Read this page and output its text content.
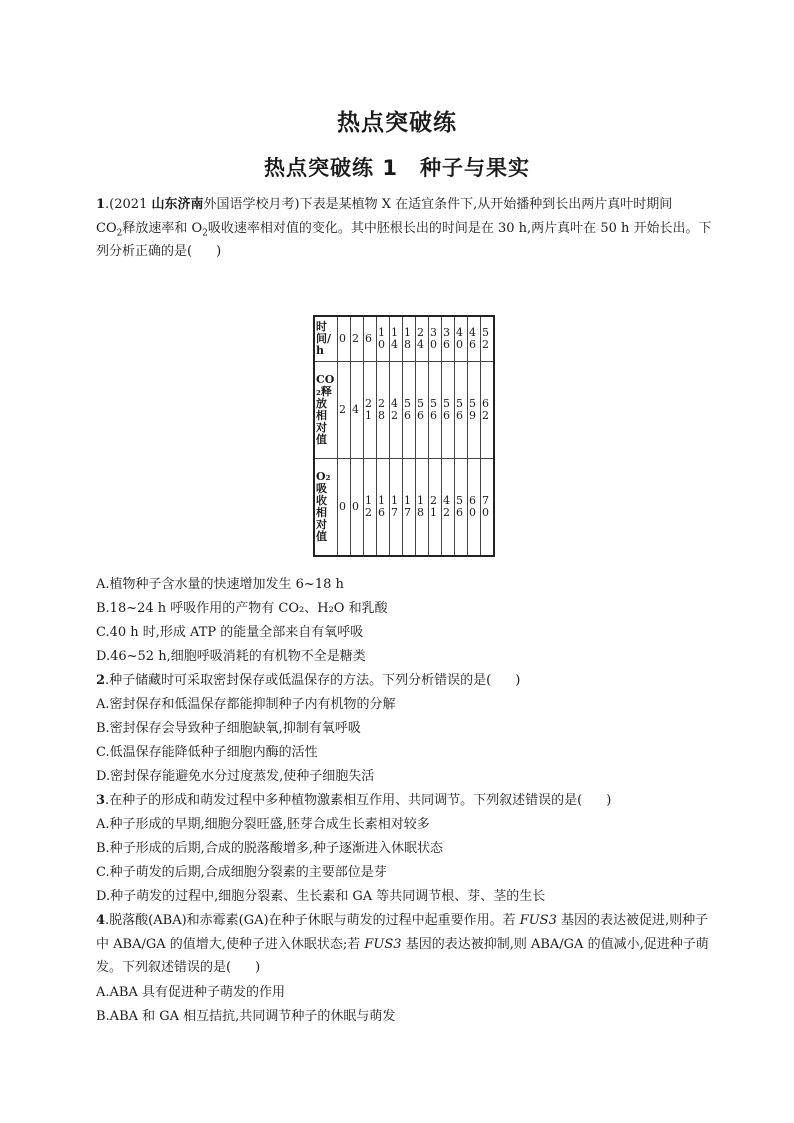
热点突破练
热点突破练 1 种子与果实
1.(2021 山东济南外国语学校月考)下表是某植物 X 在适宜条件下,从开始播种到长出两片真叶时期间
$CO_2$释放速率和 $O_2$吸收速率相对值的变化。其中胚根长出的时间是在 30 h,两片真叶在 50 h 开始长出。下列分析正确的是( )
时间/h	0	2	6	10	14	18	24	30	36	40	46	52
CO₂释放相对值	2	4	21	28	42	56	56	56	56	56	59	62
O₂吸收相对值	0	0	12	16	17	17	18	21	42	56	60	70
A.植物种子含水量的快速增加发生 6~18 h
B.18~24 h 呼吸作用的产物有 CO₂、H₂O 和乳酸
C.40 h 时,形成 ATP 的能量全部来自有氧呼吸
D.46~52 h,细胞呼吸消耗的有机物不全是糖类
2.种子储藏时可采取密封保存或低温保存的方法。下列分析错误的是( )
A.密封保存和低温保存都能抑制种子内有机物的分解
B.密封保存会导致种子细胞缺氧,抑制有氧呼吸
C.低温保存能降低种子细胞内酶的活性
D.密封保存能避免水分过度蒸发,使种子细胞失活
3.在种子的形成和萌发过程中多种植物激素相互作用、共同调节。下列叙述错误的是( )
A.种子形成的早期,细胞分裂旺盛,胚芽合成生长素相对较多
B.种子形成的后期,合成的脱落酸增多,种子逐渐进入休眠状态
C.种子萌发的后期,合成细胞分裂素的主要部位是芽
D.种子萌发的过程中,细胞分裂素、生长素和 GA 等共同调节根、芽、茎的生长
4.脱落酸(ABA)和赤霉素(GA)在种子休眠与萌发的过程中起重要作用。若 FUS3 基因的表达被促进,则种子中 ABA/GA 的值增大,使种子进入休眠状态;若 FUS3 基因的表达被抑制,则 ABA/GA 的值减小,促进种子萌发。下列叙述错误的是( )
A.ABA 具有促进种子萌发的作用
B.ABA 和 GA 相互拮抗,共同调节种子的休眠与萌发
